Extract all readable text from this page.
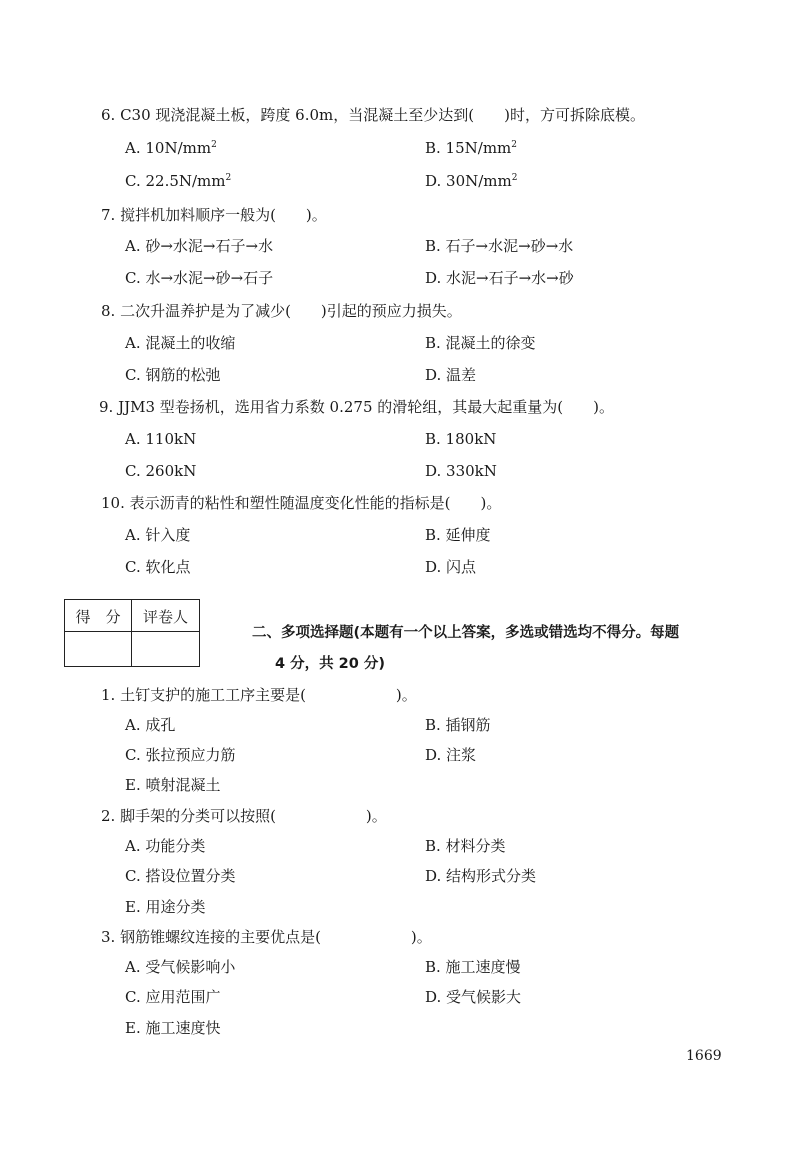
6. C30 现浇混凝土板，跨度 6.0m，当混凝土至少达到(　　)时，方可拆除底模。
A. $10N/mm^2$	B. $15N/mm^2$
C. $22.5N/mm^2$	D. $30N/mm^2$
7. 搅拌机加料顺序一般为(　　)。
A. 砂→水泥→石子→水	B. 石子→水泥→砂→水
C. 水→水泥→砂→石子	D. 水泥→石子→水→砂
8. 二次升温养护是为了减少(　　)引起的预应力损失。
A. 混凝土的收缩	B. 混凝土的徐变
C. 钢筋的松弛	D. 温差
9. JJM3 型卷扬机，选用省力系数 0.275 的滑轮组，其最大起重量为(　　)。
A. 110kN	B. 180kN
C. 260kN	D. 330kN
10. 表示沥青的粘性和塑性随温度变化性能的指标是(　　)。
A. 针入度	B. 延伸度
C. 软化点	D. 闪点
得　分	评卷人
二、多项选择题(本题有一个以上答案，多选或错选均不得分。每题
4 分，共 20 分)
1. 土钉支护的施工工序主要是(　　　　　　)。
A. 成孔	B. 插钢筋
C. 张拉预应力筋	D. 注浆
E. 喷射混凝土
2. 脚手架的分类可以按照(　　　　　　)。
A. 功能分类	B. 材料分类
C. 搭设位置分类	D. 结构形式分类
E. 用途分类
3. 钢筋锥螺纹连接的主要优点是(　　　　　　)。
A. 受气候影响小	B. 施工速度慢
C. 应用范围广	D. 受气候影大
E. 施工速度快
1669
